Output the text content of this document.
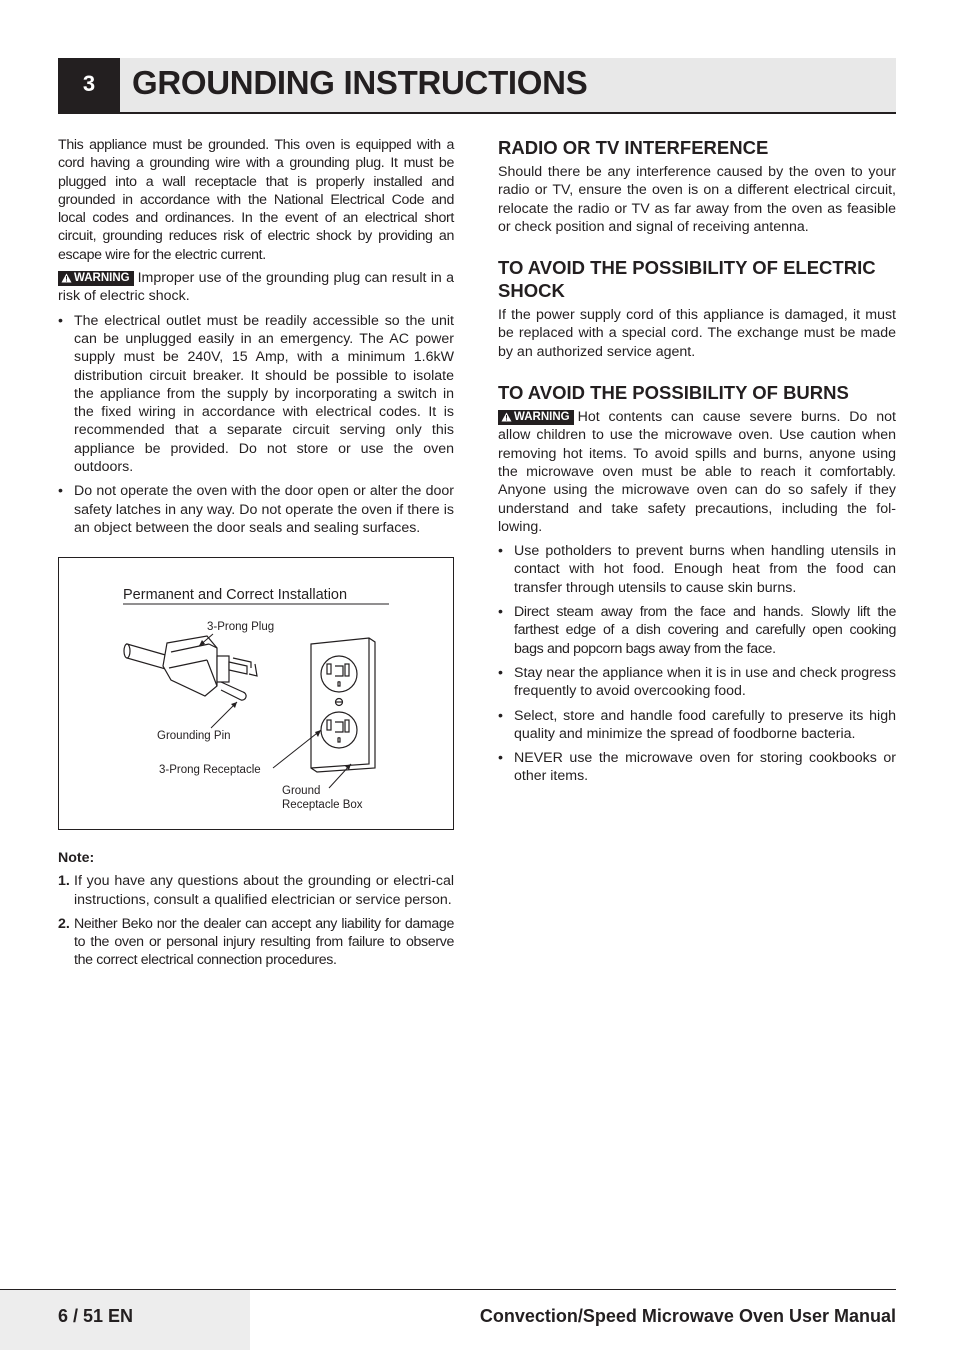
3	GROUNDING INSTRUCTIONS

This appliance must be grounded. This oven is equipped with a cord having a grounding wire with a grounding plug. It must be plugged into a wall receptacle that is properly installed and grounded in accordance with the National Electrical Code and local codes and ordinances. In the event of an electrical short circuit, grounding reduces risk of electric shock by providing an escape wire for the electric current.

WARNING Improper use of the grounding plug can result in a risk of electric shock.

• The electrical outlet must be readily accessible so the unit can be unplugged easily in an emergency. The AC power supply must be 240V, 15 Amp, with a minimum 1.6kW distribution circuit breaker. It should be possible to isolate the appliance from the supply by incorporating a switch in the fixed wiring in accordance with electrical codes. It is recommended that a separate circuit serving only this appliance be provided. Do not store or use the oven outdoors.
• Do not operate the oven with the door open or alter the door safety latches in any way. Do not operate the oven if there is an object between the door seals and sealing surfaces.
Permanent and Correct Installation
3-Prong Plug
Grounding Pin
3-Prong Receptacle
Ground
Receptacle Box
Note:
1. If you have any questions about the grounding or electri-cal instructions, consult a qualified electrician or service person.
2. Neither Beko nor the dealer can accept any liability for damage to the oven or personal injury resulting from failure to observe the correct electrical connection procedures.
RADIO OR TV INTERFERENCE

Should there be any interference caused by the oven to your radio or TV, ensure the oven is on a different electrical circuit, relocate the radio or TV as far away from the oven as feasible or check position and signal of receiving antenna.

TO AVOID THE POSSIBILITY OF ELECTRIC SHOCK

If the power supply cord of this appliance is damaged, it must be replaced with a special cord. The exchange must be made by an authorized service agent.

TO AVOID THE POSSIBILITY OF BURNS

WARNING Hot contents can cause severe burns. Do not allow children to use the microwave oven. Use caution when removing hot items. To avoid spills and burns, anyone using the microwave oven must be able to reach it comfortably. Anyone using the microwave oven can do so safely if they understand and take safety precautions, including the fol-lowing.

• Use potholders to prevent burns when handling utensils in contact with hot food. Enough heat from the food can transfer through utensils to cause skin burns.
• Direct steam away from the face and hands. Slowly lift the farthest edge of a dish covering and carefully open cooking bags and popcorn bags away from the face.
• Stay near the appliance when it is in use and check progress frequently to avoid overcooking food.
• Select, store and handle food carefully to preserve its high quality and minimize the spread of foodborne bacteria.
• NEVER use the microwave oven for storing cookbooks or other items.
6 / 51 EN	Convection/Speed Microwave Oven User Manual
